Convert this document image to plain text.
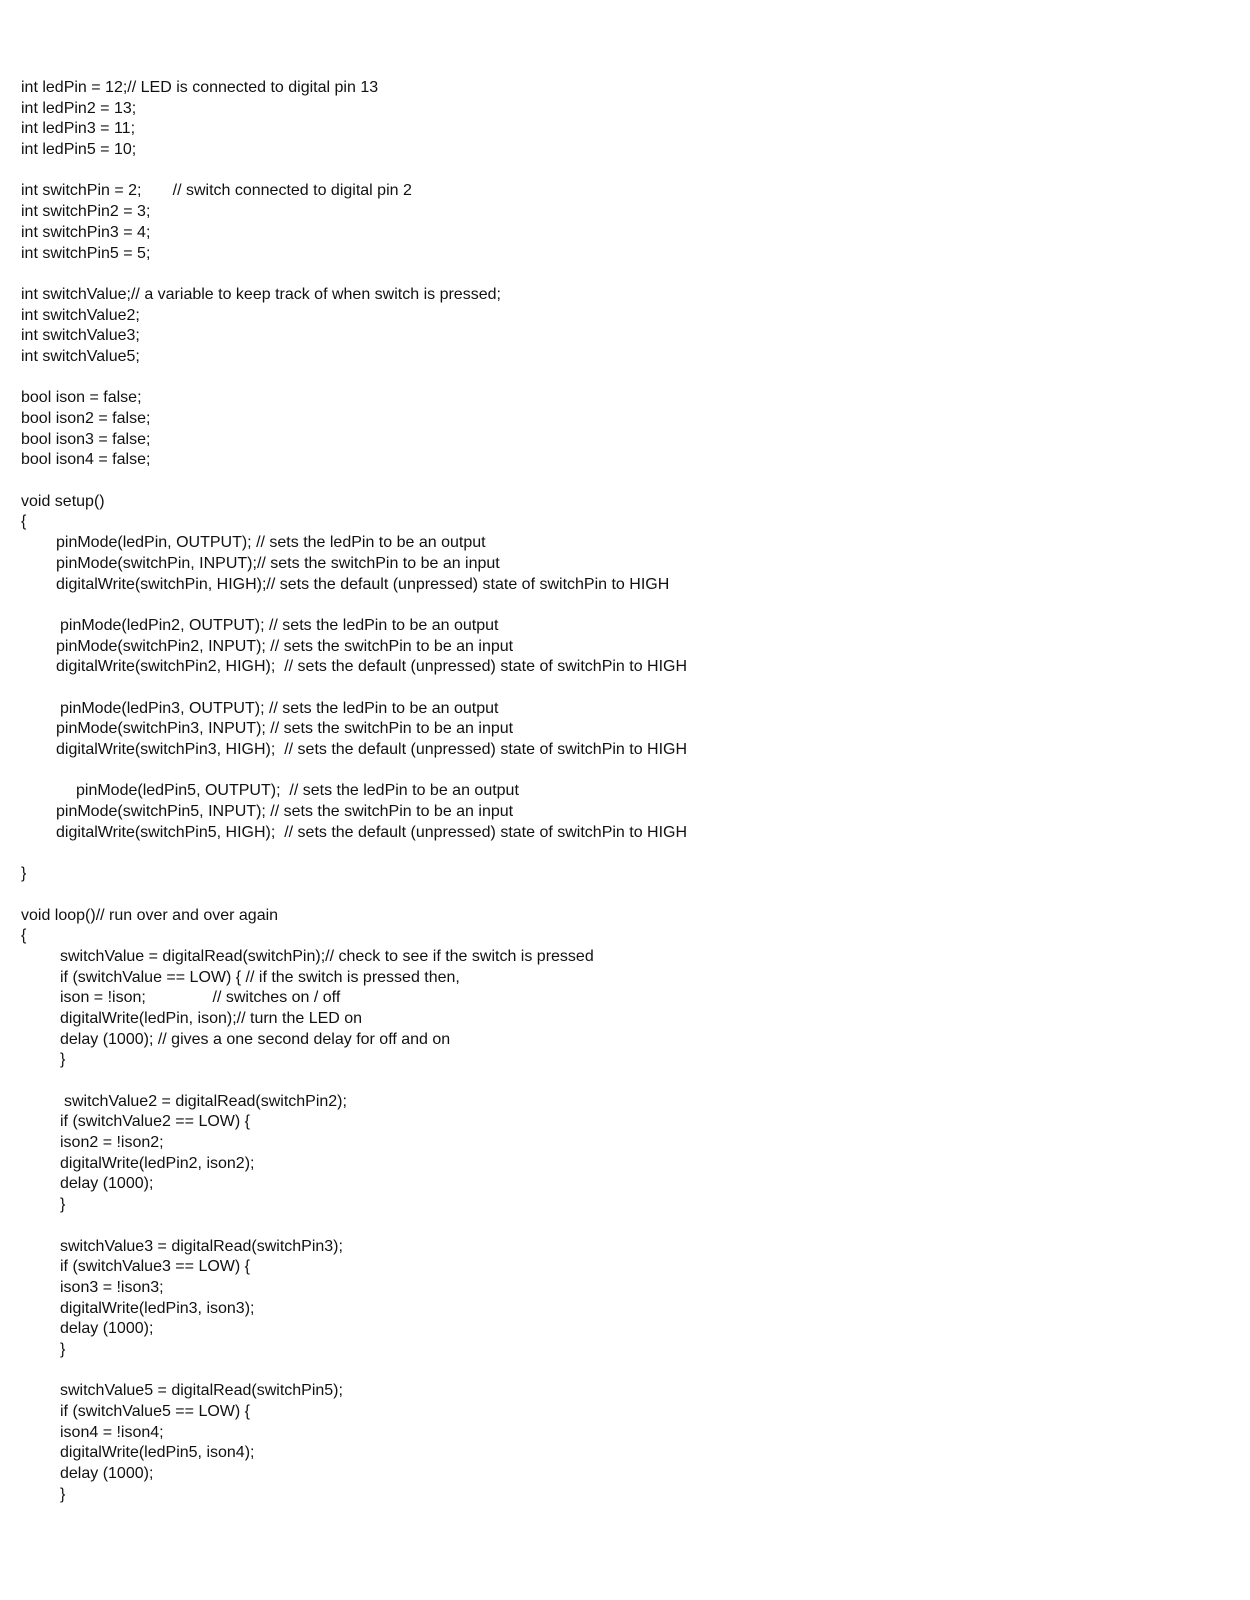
int ledPin = 12;// LED is connected to digital pin 13
int ledPin2 = 13;
int ledPin3 = 11;
int ledPin5 = 10;
int switchPin = 2;       // switch connected to digital pin 2
int switchPin2 = 3;
int switchPin3 = 4;
int switchPin5 = 5;
int switchValue;// a variable to keep track of when switch is pressed;
int switchValue2;
int switchValue3;
int switchValue5;
bool ison = false;
bool ison2 = false;
bool ison3 = false;
bool ison4 = false;
void setup()
{
pinMode(ledPin, OUTPUT); // sets the ledPin to be an output
pinMode(switchPin, INPUT);// sets the switchPin to be an input
digitalWrite(switchPin, HIGH);// sets the default (unpressed) state of switchPin to HIGH
pinMode(ledPin2, OUTPUT); // sets the ledPin to be an output
pinMode(switchPin2, INPUT); // sets the switchPin to be an input
digitalWrite(switchPin2, HIGH);  // sets the default (unpressed) state of switchPin to HIGH
pinMode(ledPin3, OUTPUT); // sets the ledPin to be an output
pinMode(switchPin3, INPUT); // sets the switchPin to be an input
digitalWrite(switchPin3, HIGH);  // sets the default (unpressed) state of switchPin to HIGH
pinMode(ledPin5, OUTPUT);  // sets the ledPin to be an output
pinMode(switchPin5, INPUT); // sets the switchPin to be an input
digitalWrite(switchPin5, HIGH);  // sets the default (unpressed) state of switchPin to HIGH
}
void loop()// run over and over again
{
switchValue = digitalRead(switchPin);// check to see if the switch is pressed
if (switchValue == LOW) { // if the switch is pressed then,
ison = !ison;               // switches on / off
digitalWrite(ledPin, ison);// turn the LED on
delay (1000); // gives a one second delay for off and on
}
switchValue2 = digitalRead(switchPin2);
if (switchValue2 == LOW) {
ison2 = !ison2;
digitalWrite(ledPin2, ison2);
delay (1000);
}
switchValue3 = digitalRead(switchPin3);
if (switchValue3 == LOW) {
ison3 = !ison3;
digitalWrite(ledPin3, ison3);
delay (1000);
}
switchValue5 = digitalRead(switchPin5);
if (switchValue5 == LOW) {
ison4 = !ison4;
digitalWrite(ledPin5, ison4);
delay (1000);
}
